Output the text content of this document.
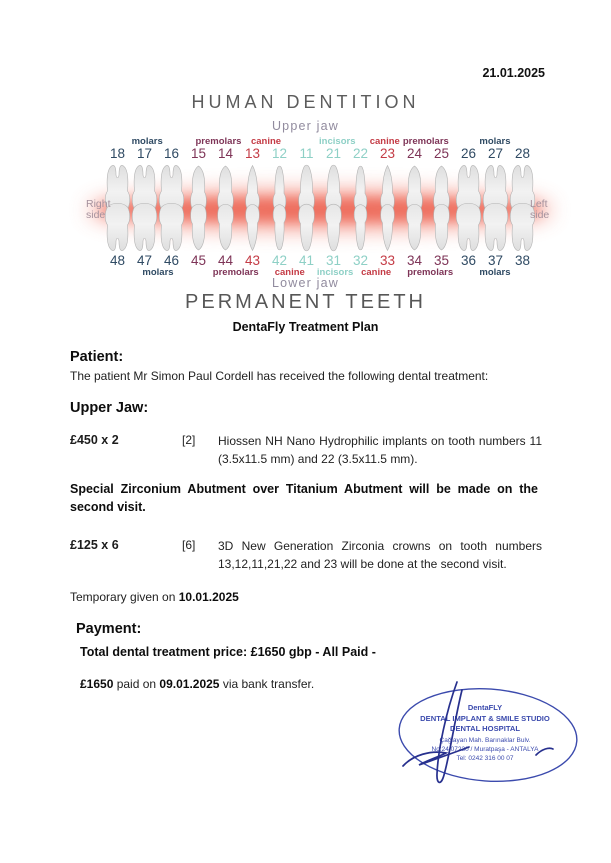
21.01.2025
HUMAN DENTITION
Upper jaw
molars	premolars canine	incisors canine premolars	molars
18 17 16 15 14 13 12 11 21 22 23 24 25 26 27 28
48 47 46 45 44 43 42 41 31 32 33 34 35 36 37 38
molars	premolars canine incisors canine premolars	molars
Right
side
Left
side
Lower jaw
PERMANENT TEETH
DentaFly Treatment Plan
Patient:
The patient Mr Simon Paul Cordell has received the following dental treatment:
Upper Jaw:
£450 x 2	[2]	Hiossen NH Nano Hydrophilic implants on tooth numbers 11 (3.5x11.5 mm) and 22 (3.5x11.5 mm).
Special Zirconium Abutment over Titanium Abutment will be made on the second visit.
£125 x 6	[6]	3D New Generation Zirconia crowns on tooth numbers 13,12,11,21,22 and 23 will be done at the second visit.
Temporary given on 10.01.2025
Payment:
Total dental treatment price: £1650 gbp - All Paid -
£1650 paid on 09.01.2025 via bank transfer.
DentaFLY
DENTAL IMPLANT & SMILE STUDIO
DENTAL HOSPITAL
Çağlayan Mah. Barınaklar Bulv.
No:24 07230 / Muratpaşa - ANTALYA
Tel: 0242 316 00 07
